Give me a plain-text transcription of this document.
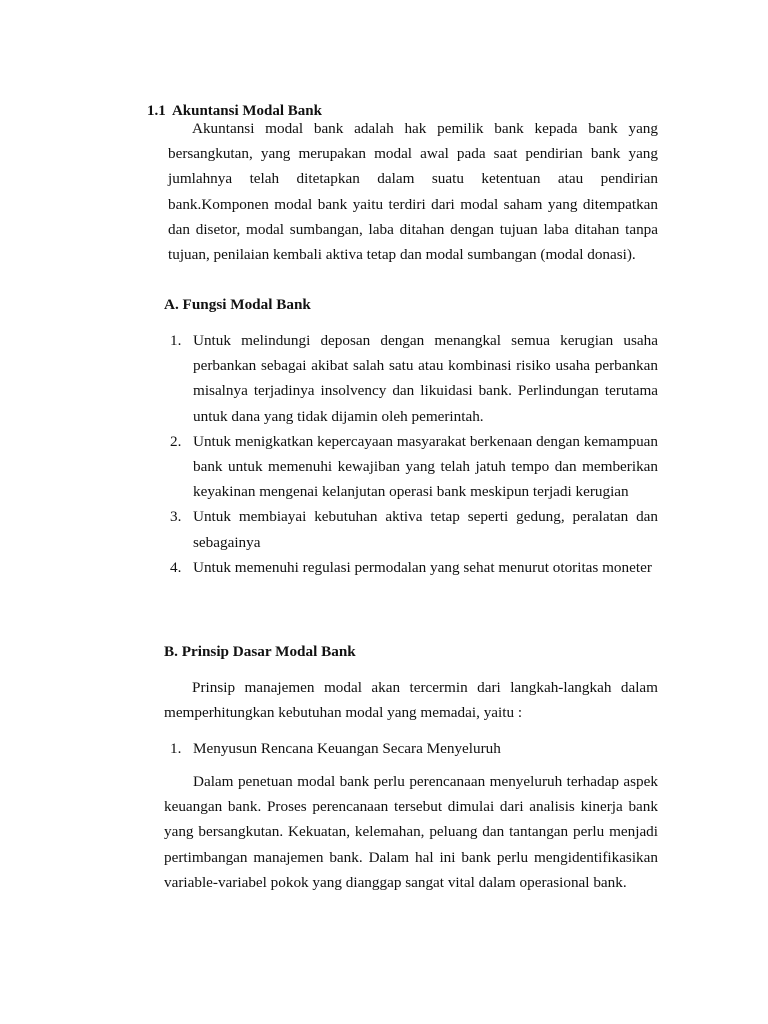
1.1 Akuntansi Modal Bank

Akuntansi modal bank adalah hak pemilik bank kepada bank yang bersangkutan, yang merupakan modal awal pada saat pendirian bank yang jumlahnya telah ditetapkan dalam suatu ketentuan atau pendirian bank.Komponen modal bank yaitu terdiri dari modal saham yang ditempatkan dan disetor, modal sumbangan, laba ditahan dengan tujuan laba ditahan tanpa tujuan, penilaian kembali aktiva tetap dan modal sumbangan (modal donasi).

A. Fungsi Modal Bank
1. Untuk melindungi deposan dengan menangkal semua kerugian usaha perbankan sebagai akibat salah satu atau kombinasi risiko usaha perbankan misalnya terjadinya insolvency dan likuidasi bank. Perlindungan terutama untuk dana yang tidak dijamin oleh pemerintah.
2. Untuk menigkatkan kepercayaan masyarakat berkenaan dengan kemampuan bank untuk memenuhi kewajiban yang telah jatuh tempo dan memberikan keyakinan mengenai kelanjutan operasi bank meskipun terjadi kerugian
3. Untuk membiayai kebutuhan aktiva tetap seperti gedung, peralatan dan sebagainya
4. Untuk memenuhi regulasi permodalan yang sehat menurut otoritas moneter
B. Prinsip Dasar Modal Bank

Prinsip manajemen modal akan tercermin dari langkah-langkah dalam memperhitungkan kebutuhan modal yang memadai, yaitu :

1. Menyusun Rencana Keuangan Secara Menyeluruh

Dalam penetuan modal bank perlu perencanaan menyeluruh terhadap aspek keuangan bank. Proses perencanaan tersebut dimulai dari analisis kinerja bank yang bersangkutan. Kekuatan, kelemahan, peluang dan tantangan perlu menjadi pertimbangan manajemen bank. Dalam hal ini bank perlu mengidentifikasikan variable-variabel pokok yang dianggap sangat vital dalam operasional bank.
